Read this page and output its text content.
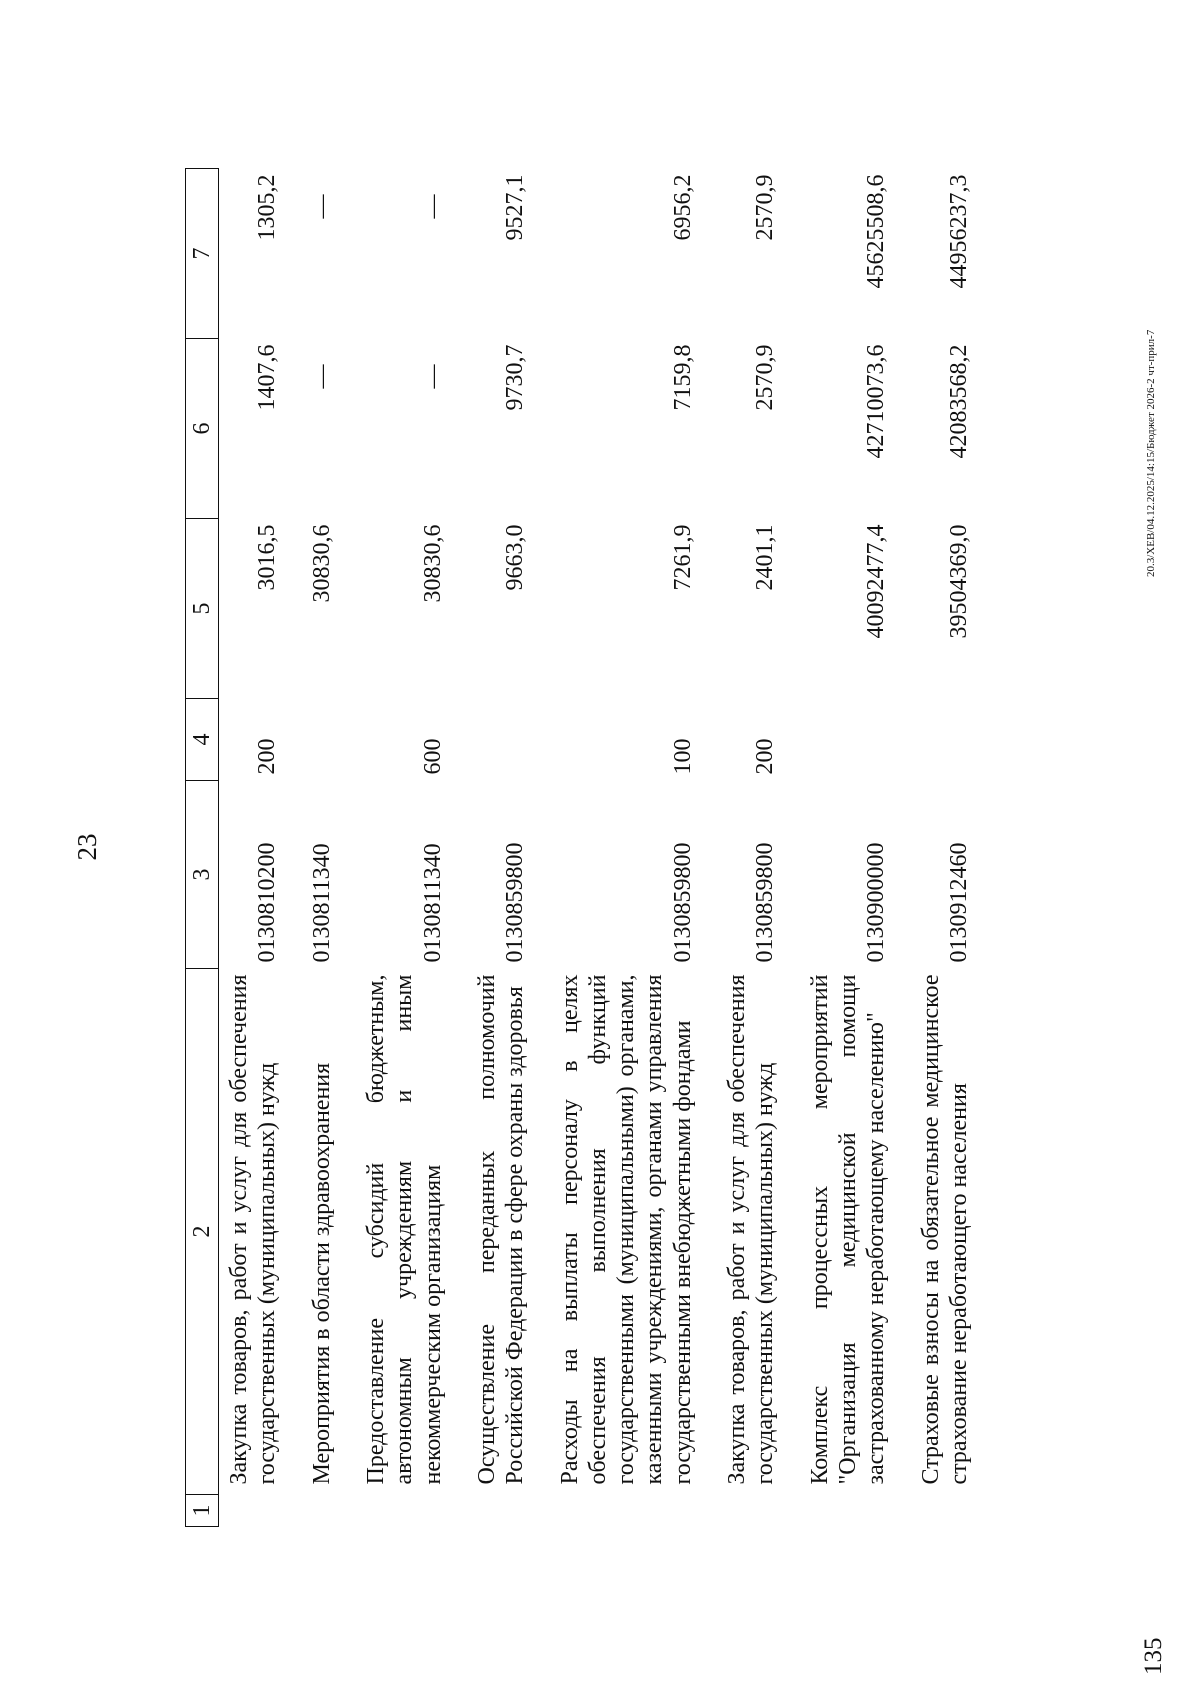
23
1	2	3	4	5	6	7
	Закупка товаров, работ и услуг для обеспечения государственных (муниципальных) нужд	0130810200	200	3016,5	1407,6	1305,2
	Мероприятия в области здравоохранения	0130811340		30830,6	—	—
	Предоставление субсидий бюджетным, автономным учреждениям и иным некоммерческим организациям	0130811340	600	30830,6	—	—
	Осуществление переданных полномочий Российской Федерации в сфере охраны здоровья	0130859800		9663,0	9730,7	9527,1
	Расходы на выплаты персоналу в целях обеспечения выполнения функций государственными (муниципальными) органами, казенными учреждениями, органами управления государственными внебюджетными фондами	0130859800	100	7261,9	7159,8	6956,2
	Закупка товаров, работ и услуг для обеспечения государственных (муниципальных) нужд	0130859800	200	2401,1	2570,9	2570,9
	Комплекс процессных мероприятий "Организация медицинской помощи застрахованному неработающему населению"	0130900000		40092477,4	42710073,6	45625508,6
	Страховые взносы на обязательное медицинское страхование неработающего населения	0130912460		39504369,0	42083568,2	44956237,3
20.3/XEB/04.12.2025/14:15/Бюджет 2026-2 чт-прил-7
135
